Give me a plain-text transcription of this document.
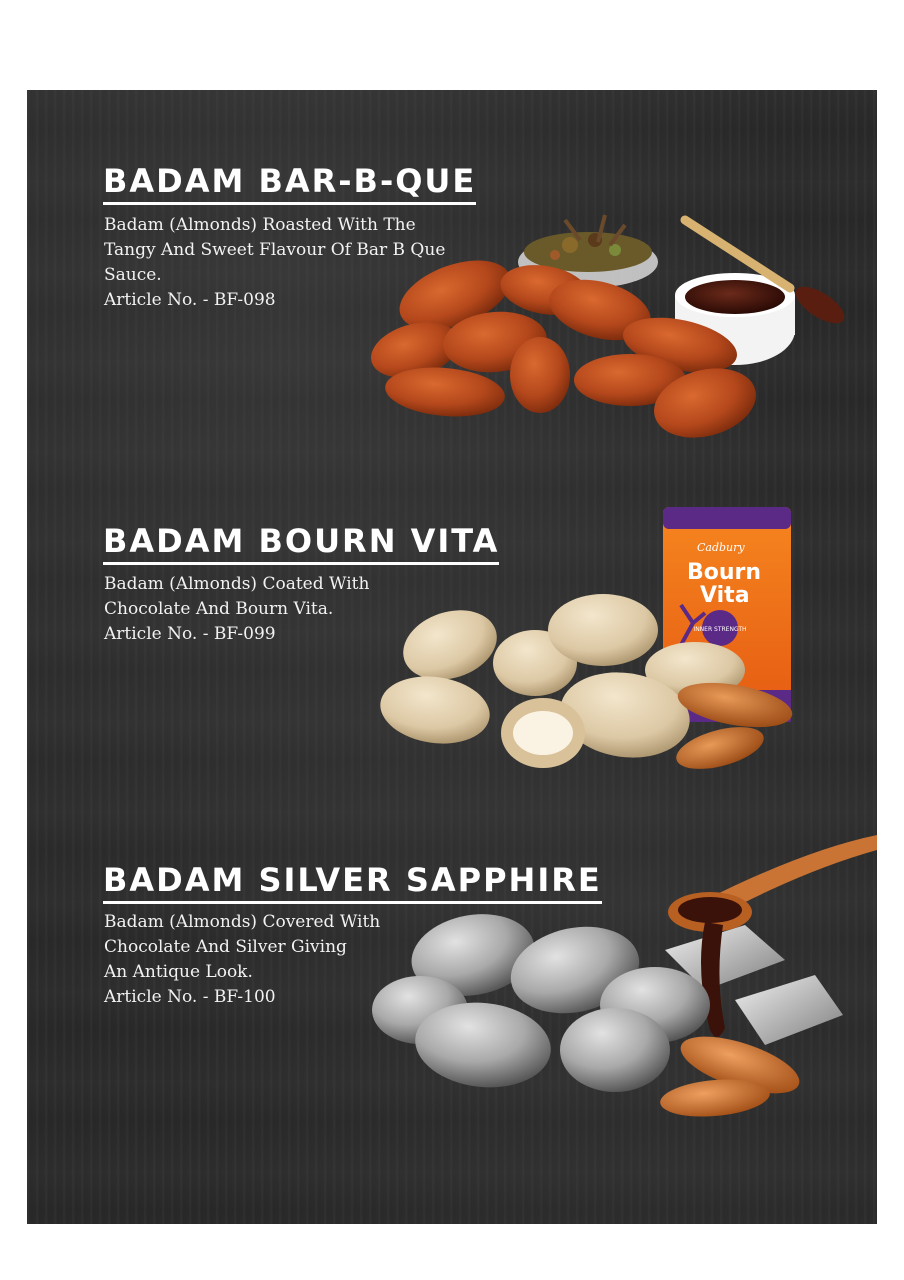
BADAM BAR-B-QUE
Badam (Almonds) Roasted With The
Tangy And Sweet Flavour Of Bar B Que
Sauce.
Article No. - BF-098
BADAM BOURN VITA
Badam (Almonds) Coated With
Chocolate And Bourn Vita.
Article No. - BF-099
Cadbury
Bourn
Vita
INNER STRENGTH
BADAM SILVER SAPPHIRE
Badam (Almonds) Covered With
Chocolate And Silver Giving
An Antique Look.
Article No. - BF-100
